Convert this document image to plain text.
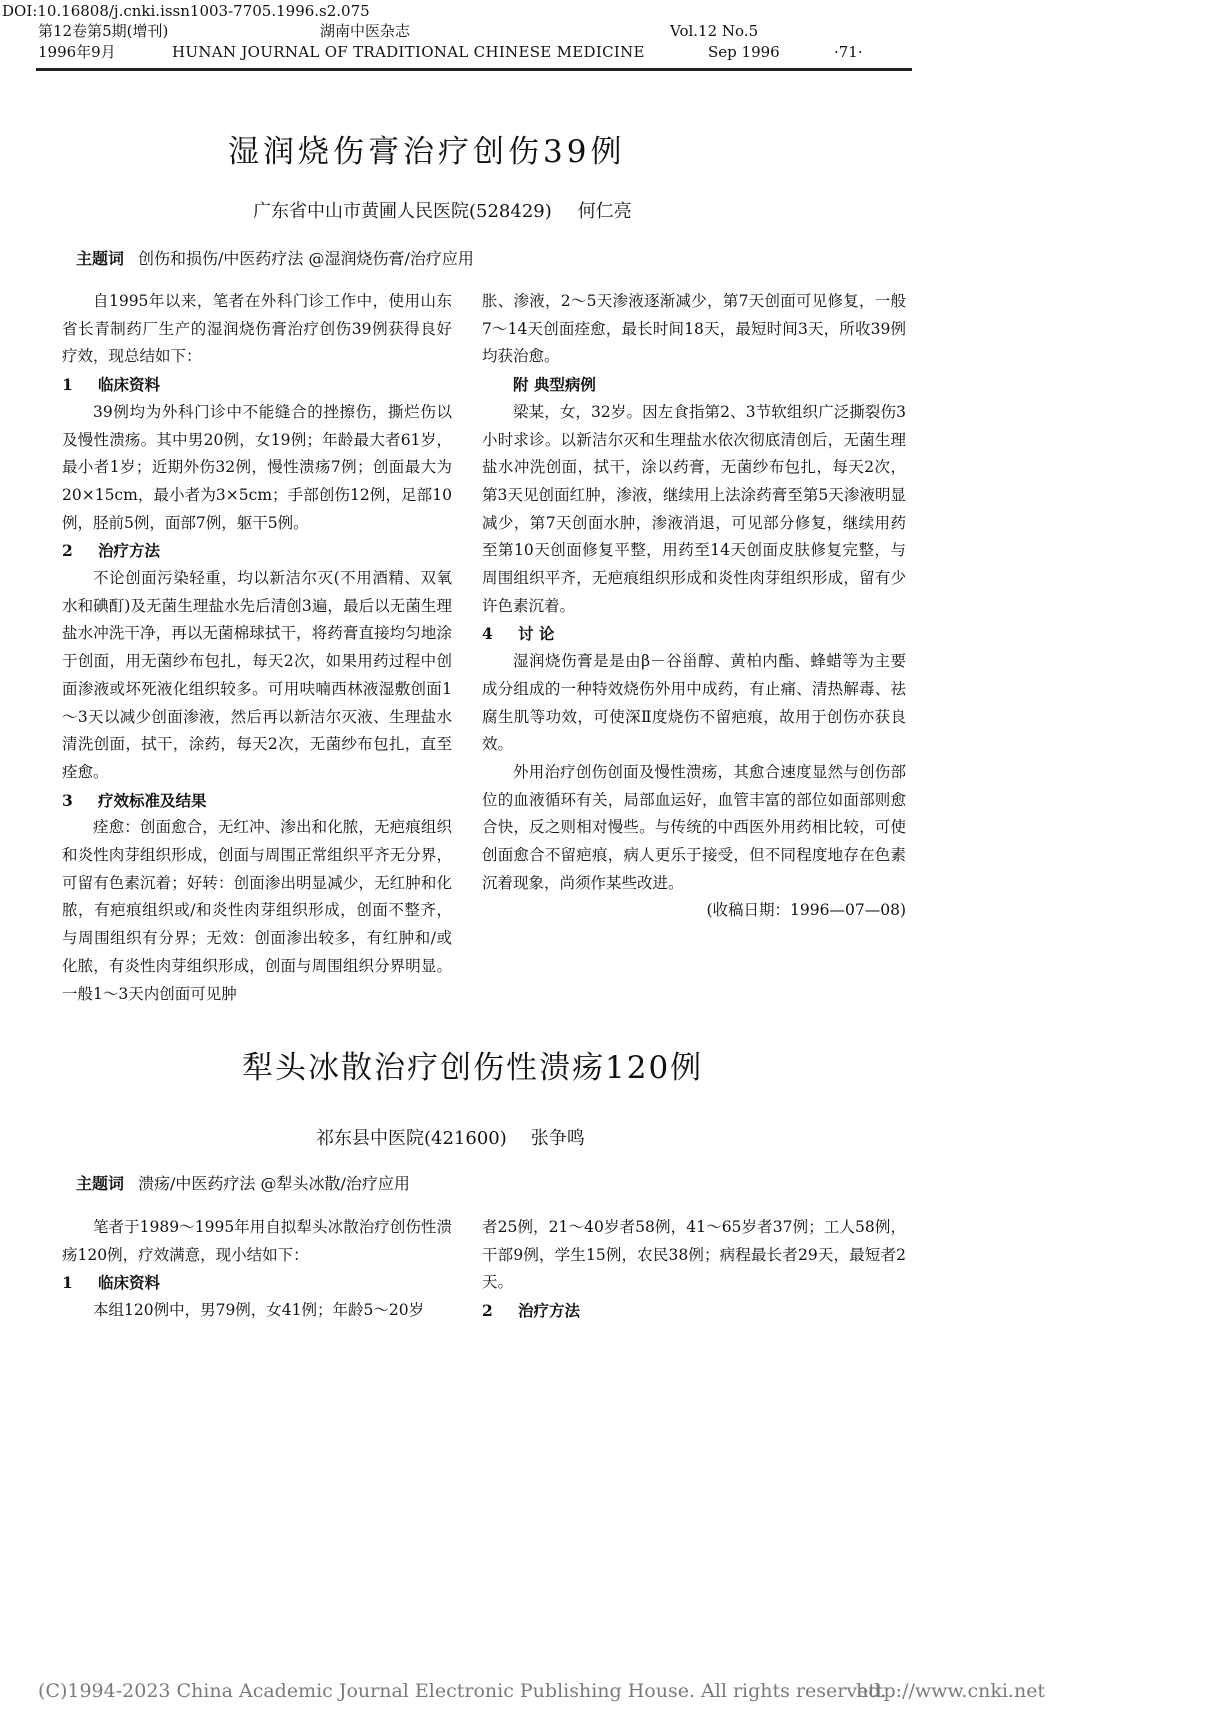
DOI:10.16808/j.cnki.issn1003-7705.1996.s2.075
第12卷第5期(增刊)	湖南中医杂志	Vol.12 No.5
1996年9月	HUNAN JOURNAL OF TRADITIONAL CHINESE MEDICINE	Sep 1996	·71·
湿润烧伤膏治疗创伤39例
广东省中山市黄圃人民医院(528429) 何仁亮
主题词 创伤和损伤/中医药疗法 @湿润烧伤膏/治疗应用

自1995年以来，笔者在外科门诊工作中，使用山东省长青制药厂生产的湿润烧伤膏治疗创伤39例获得良好疗效，现总结如下：

1 临床资料

39例均为外科门诊中不能缝合的挫擦伤，撕烂伤以及慢性溃疡。其中男20例，女19例；年龄最大者61岁，最小者1岁；近期外伤32例，慢性溃疡7例；创面最大为20×15cm，最小者为3×5cm；手部创伤12例，足部10例，胫前5例，面部7例，躯干5例。

2 治疗方法

不论创面污染轻重，均以新洁尔灭(不用酒精、双氧水和碘酊)及无菌生理盐水先后清创3遍，最后以无菌生理盐水冲洗干净，再以无菌棉球拭干，将药膏直接均匀地涂于创面，用无菌纱布包扎，每天2次，如果用药过程中创面渗液或坏死液化组织较多。可用呋喃西林液湿敷创面1～3天以减少创面渗液，然后再以新洁尔灭液、生理盐水清洗创面，拭干，涂药，每天2次，无菌纱布包扎，直至痊愈。

3 疗效标准及结果

痊愈：创面愈合，无红冲、渗出和化脓，无疤痕组织和炎性肉芽组织形成，创面与周围正常组织平齐无分界，可留有色素沉着；好转：创面渗出明显减少，无红肿和化脓，有疤痕组织或/和炎性肉芽组织形成，创面不整齐，与周围组织有分界；无效：创面渗出较多，有红肿和/或化脓，有炎性肉芽组织形成，创面与周围组织分界明显。一般1～3天内创面可见肿

胀、渗液，2～5天渗液逐渐减少，第7天创面可见修复，一般7～14天创面痊愈，最长时间18天，最短时间3天，所收39例均获治愈。

附 典型病例

梁某，女，32岁。因左食指第2、3节软组织广泛撕裂伤3小时求诊。以新洁尔灭和生理盐水依次彻底清创后，无菌生理盐水冲洗创面，拭干，涂以药膏，无菌纱布包扎，每天2次，第3天见创面红肿，渗液，继续用上法涂药膏至第5天渗液明显减少，第7天创面水肿，渗液消退，可见部分修复，继续用药至第10天创面修复平整，用药至14天创面皮肤修复完整，与周围组织平齐，无疤痕组织形成和炎性肉芽组织形成，留有少许色素沉着。

4 讨 论

湿润烧伤膏是是由β－谷甾醇、黄柏内酯、蜂蜡等为主要成分组成的一种特效烧伤外用中成药，有止痛、清热解毒、祛腐生肌等功效，可使深Ⅱ度烧伤不留疤痕，故用于创伤亦获良效。

外用治疗创伤创面及慢性溃疡，其愈合速度显然与创伤部位的血液循环有关，局部血运好，血管丰富的部位如面部则愈合快，反之则相对慢些。与传统的中西医外用药相比较，可使创面愈合不留疤痕，病人更乐于接受，但不同程度地存在色素沉着现象，尚须作某些改进。

(收稿日期：1996—07—08)

犁头冰散治疗创伤性溃疡120例
祁东县中医院(421600) 张争鸣
主题词 溃疡/中医药疗法 @犁头冰散/治疗应用

笔者于1989～1995年用自拟犁头冰散治疗创伤性溃疡120例，疗效满意，现小结如下：

1 临床资料

本组120例中，男79例，女41例；年龄5～20岁

者25例，21～40岁者58例，41～65岁者37例；工人58例，干部9例，学生15例，农民38例；病程最长者29天，最短者2天。

2 治疗方法

(C)1994-2023 China Academic Journal Electronic Publishing House. All rights reserved.
http://www.cnki.net
